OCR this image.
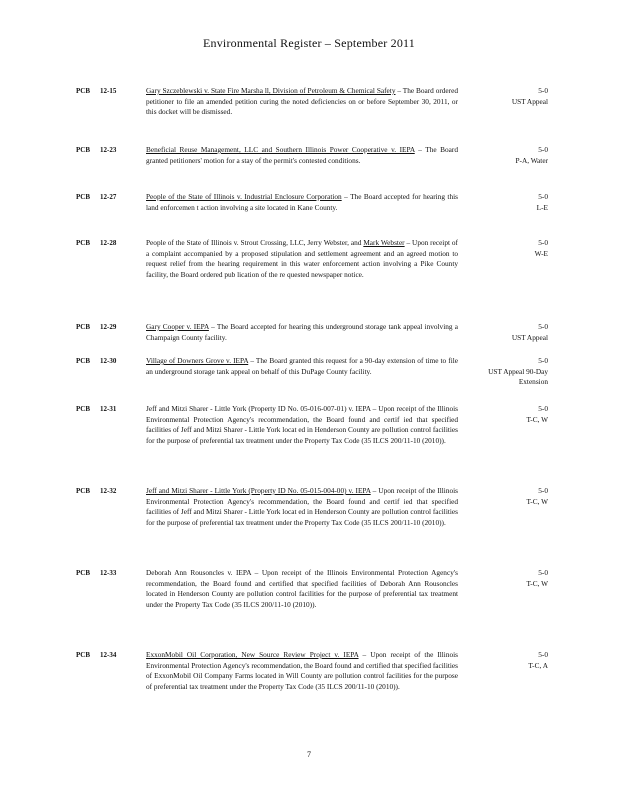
Environmental Register – September 2011
PCB 12-15	Gary Szczeblewski v. State Fire Marsha ll, Division of Petroleum & Chemical Safety – The Board ordered petitioner to file an amended petition curing the noted deficiencies on or before September 30, 2011, or this docket will be dismissed.
5-0
UST Appeal
PCB 12-23	Beneficial Reuse Management, LLC and Southern Illinois Power Cooperative v. IEPA – The Board granted petitioners' motion for a stay of the permit's contested conditions.
5-0
P-A, Water
PCB 12-27	People of the State of Illinois v. Industrial Enclosure Corporation – The Board accepted for hearing this land enforcemen t action involving a site located in Kane County.
5-0
L-E
PCB 12-28	People of the State of Illinois v. Strout Crossing, LLC, Jerry Webster, and Mark Webster – Upon receipt of a complaint accompanied by a proposed stipulation and settlement agreement and an agreed motion to request relief from the hearing requirement in this water enforcement action involving a Pike County facility, the Board ordered pub lication of the re quested newspaper notice.
5-0
W-E
PCB 12-29	Gary Cooper v. IEPA – The Board accepted for hearing this underground storage tank appeal involving a Champaign County facility.
5-0
UST Appeal
PCB 12-30	Village of Downers Grove v. IEPA – The Board granted this request for a 90-day extension of time to file an underground storage tank appeal on behalf of this DuPage County facility.
5-0
UST Appeal 90-Day Extension
PCB 12-31	Jeff and Mitzi Sharer - Little York (Property ID No. 05-016-007-01) v. IEPA – Upon receipt of the Illinois Environmental Protection Agency's recommendation, the Board found and certif ied that specified facilities of Jeff and Mitzi Sharer - Little York locat ed in Henderson County are pollution control facilities for the purpose of preferential tax treatment under the Property Tax Code (35 ILCS 200/11-10 (2010)).
5-0
T-C, W
PCB 12-32	Jeff and Mitzi Sharer - Little York (Property ID No. 05-015-004-00) v. IEPA – Upon receipt of the Illinois Environmental Protection Agency's recommendation, the Board found and certif ied that specified facilities of Jeff and Mitzi Sharer - Little York locat ed in Henderson County are pollution control facilities for the purpose of preferential tax treatment under the Property Tax Code (35 ILCS 200/11-10 (2010)).
5-0
T-C, W
PCB 12-33	Deborah Ann Rousoncles v. IEPA – Upon receipt of the Illinois Environmental Protection Agency's recommendation, the Board found and certified that specified facilities of Deborah Ann Rousoncles located in Henderson County are pollution control facilities for the purpose of preferential tax treatment under the Property Tax Code (35 ILCS 200/11-10 (2010)).
5-0
T-C, W
PCB 12-34	ExxonMobil Oil Corporation, New Source Review Project v. IEPA – Upon receipt of the Illinois Environmental Protection Agency's recommendation, the Board found and certified that specified facilities of ExxonMobil Oil Company Farms located in Will County are pollution control facilities for the purpose of preferential tax treatment under the Property Tax Code (35 ILCS 200/11-10 (2010)).
5-0
T-C, A
7
